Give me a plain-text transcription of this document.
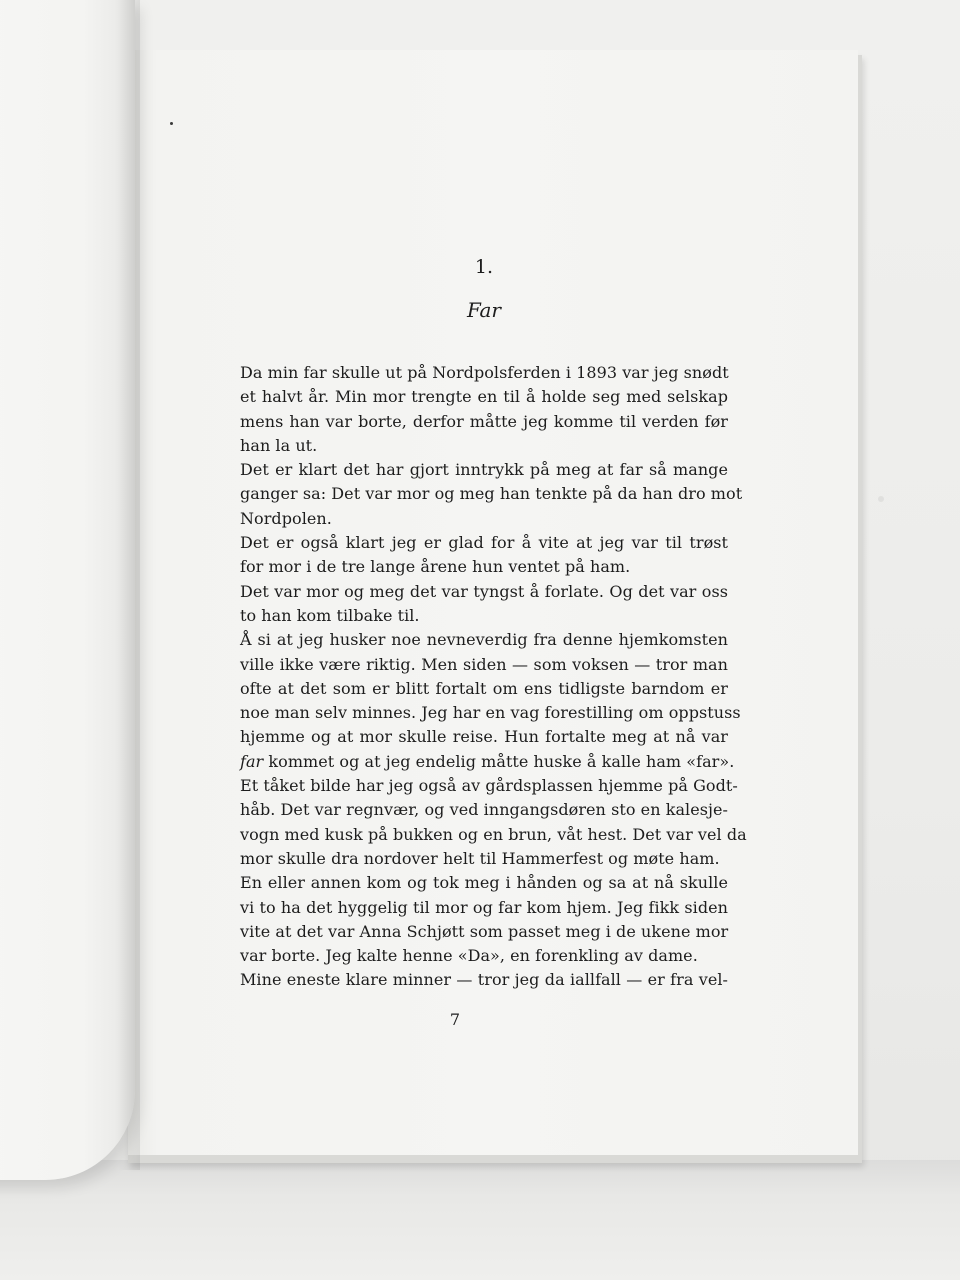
1.
Far

Da min far skulle ut på Nordpolsferden i 1893 var jeg snødt
et halvt år. Min mor trengte en til å holde seg med selskap
mens han var borte, derfor måtte jeg komme til verden før
han la ut.

Det er klart det har gjort inntrykk på meg at far så mange
ganger sa: Det var mor og meg han tenkte på da han dro mot
Nordpolen.

Det er også klart jeg er glad for å vite at jeg var til trøst
for mor i de tre lange årene hun ventet på ham.

Det var mor og meg det var tyngst å forlate. Og det var oss
to han kom tilbake til.

Å si at jeg husker noe nevneverdig fra denne hjemkomsten
ville ikke være riktig. Men siden — som voksen — tror man
ofte at det som er blitt fortalt om ens tidligste barndom er
noe man selv minnes. Jeg har en vag forestilling om oppstuss
hjemme og at mor skulle reise. Hun fortalte meg at nå var
far kommet og at jeg endelig måtte huske å kalle ham «far».

Et tåket bilde har jeg også av gårdsplassen hjemme på Godt-
håb. Det var regnvær, og ved inngangsdøren sto en kalesje-
vogn med kusk på bukken og en brun, våt hest. Det var vel da
mor skulle dra nordover helt til Hammerfest og møte ham.

En eller annen kom og tok meg i hånden og sa at nå skulle
vi to ha det hyggelig til mor og far kom hjem. Jeg fikk siden
vite at det var Anna Schjøtt som passet meg i de ukene mor
var borte. Jeg kalte henne «Da», en forenkling av dame.

Mine eneste klare minner — tror jeg da iallfall — er fra vel-

7
